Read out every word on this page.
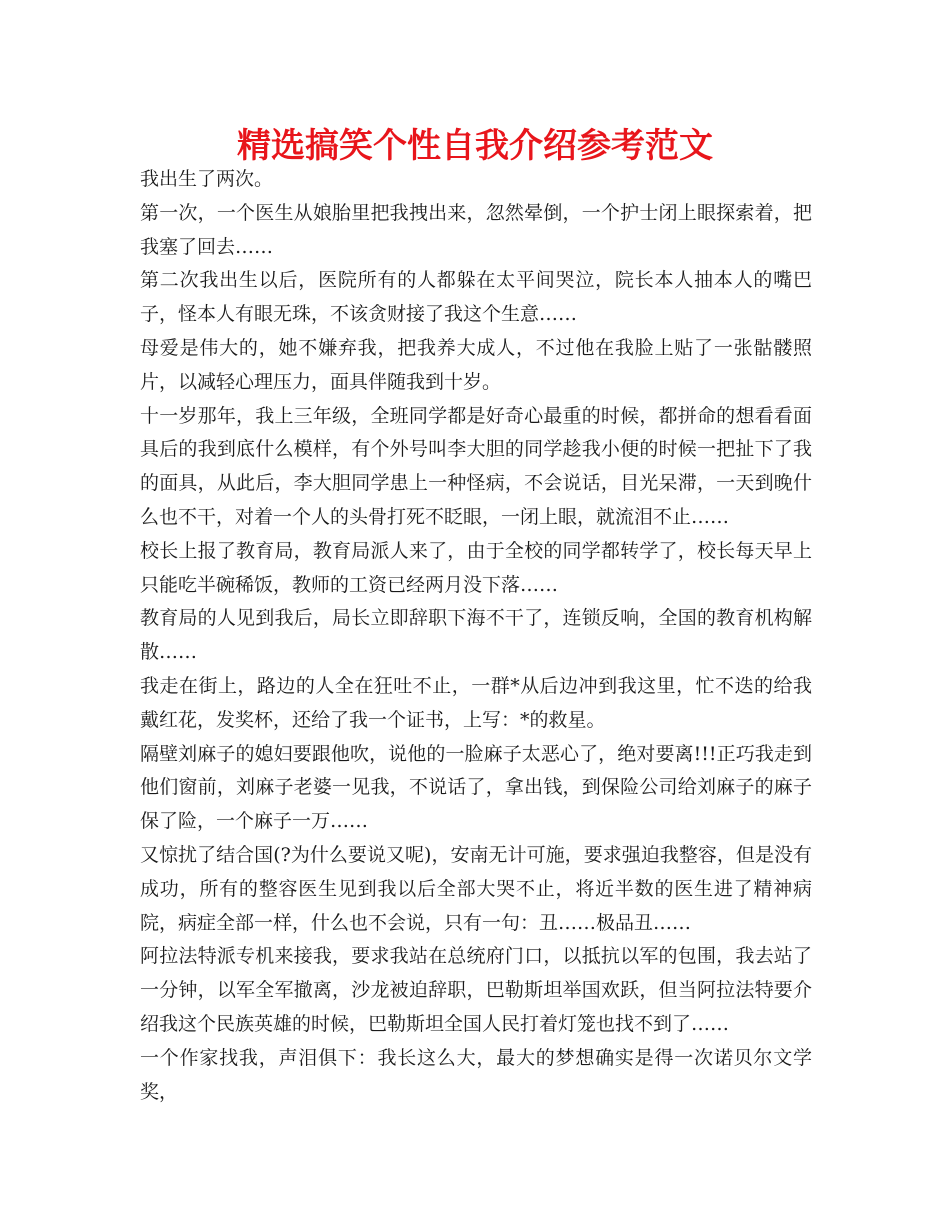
精选搞笑个性自我介绍参考范文

我出生了两次。

第一次，一个医生从娘胎里把我拽出来，忽然晕倒，一个护士闭上眼探索着，把我塞了回去……

第二次我出生以后，医院所有的人都躲在太平间哭泣，院长本人抽本人的嘴巴子，怪本人有眼无珠，不该贪财接了我这个生意……

母爱是伟大的，她不嫌弃我，把我养大成人，不过他在我脸上贴了一张骷髅照片，以减轻心理压力，面具伴随我到十岁。

十一岁那年，我上三年级，全班同学都是好奇心最重的时候，都拼命的想看看面具后的我到底什么模样，有个外号叫李大胆的同学趁我小便的时候一把扯下了我的面具，从此后，李大胆同学患上一种怪病，不会说话，目光呆滞，一天到晚什么也不干，对着一个人的头骨打死不眨眼，一闭上眼，就流泪不止……

校长上报了教育局，教育局派人来了，由于全校的同学都转学了，校长每天早上只能吃半碗稀饭，教师的工资已经两月没下落……

教育局的人见到我后，局长立即辞职下海不干了，连锁反响，全国的教育机构解散……

我走在街上，路边的人全在狂吐不止，一群*从后边冲到我这里，忙不迭的给我戴红花，发奖杯，还给了我一个证书，上写：*的救星。

隔壁刘麻子的媳妇要跟他吹，说他的一脸麻子太恶心了，绝对要离!!!正巧我走到他们窗前，刘麻子老婆一见我，不说话了，拿出钱，到保险公司给刘麻子的麻子保了险，一个麻子一万……

又惊扰了结合国(?为什么要说又呢)，安南无计可施，要求强迫我整容，但是没有成功，所有的整容医生见到我以后全部大哭不止，将近半数的医生进了精神病院，病症全部一样，什么也不会说，只有一句：丑……极品丑……

阿拉法特派专机来接我，要求我站在总统府门口，以抵抗以军的包围，我去站了一分钟，以军全军撤离，沙龙被迫辞职，巴勒斯坦举国欢跃，但当阿拉法特要介绍我这个民族英雄的时候，巴勒斯坦全国人民打着灯笼也找不到了……

一个作家找我，声泪俱下：我长这么大，最大的梦想确实是得一次诺贝尔文学奖，
